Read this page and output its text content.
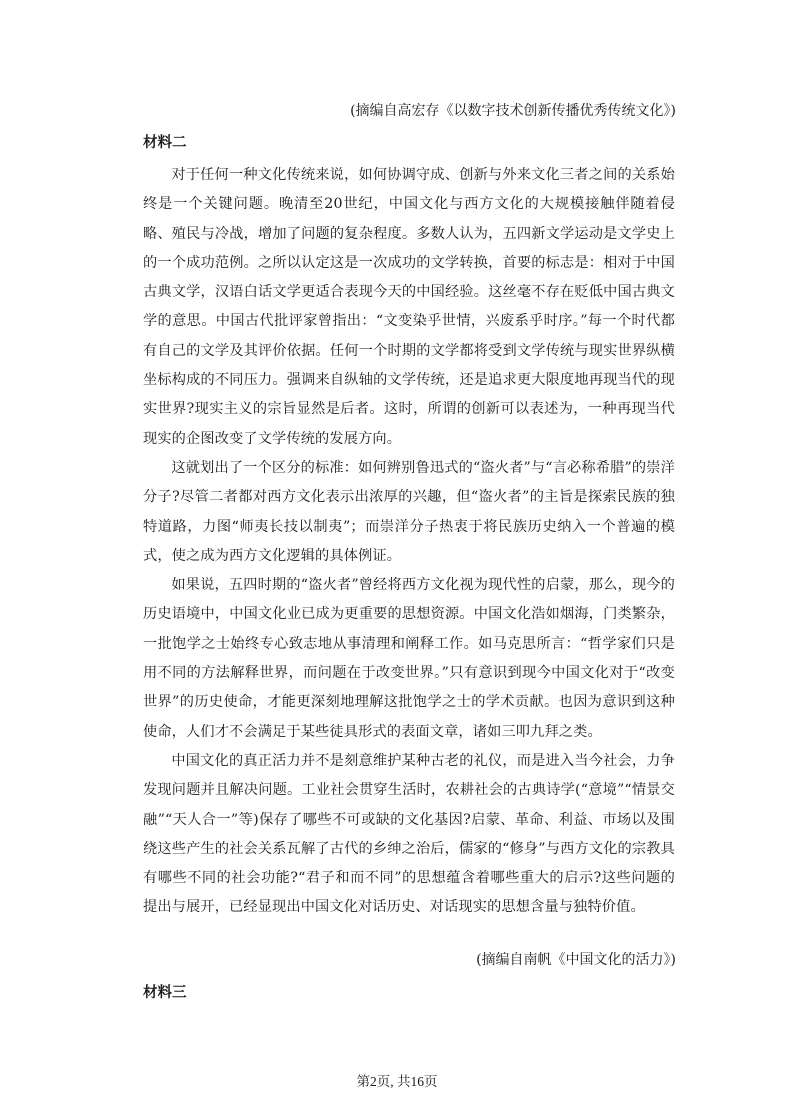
(摘编自高宏存《以数字技术创新传播优秀传统文化》)
材料二

对于任何一种文化传统来说，如何协调守成、创新与外来文化三者之间的关系始终是一个关键问题。晚清至20世纪，中国文化与西方文化的大规模接触伴随着侵略、殖民与冷战，增加了问题的复杂程度。多数人认为，五四新文学运动是文学史上的一个成功范例。之所以认定这是一次成功的文学转换，首要的标志是：相对于中国古典文学，汉语白话文学更适合表现今天的中国经验。这丝毫不存在贬低中国古典文学的意思。中国古代批评家曾指出：“文变染乎世情，兴废系乎时序。”每一个时代都有自己的文学及其评价依据。任何一个时期的文学都将受到文学传统与现实世界纵横坐标构成的不同压力。强调来自纵轴的文学传统，还是追求更大限度地再现当代的现实世界?现实主义的宗旨显然是后者。这时，所谓的创新可以表述为，一种再现当代现实的企图改变了文学传统的发展方向。

这就划出了一个区分的标准：如何辨别鲁迅式的“盗火者”与“言必称希腊”的崇洋分子?尽管二者都对西方文化表示出浓厚的兴趣，但“盗火者”的主旨是探索民族的独特道路，力图“师夷长技以制夷”；而崇洋分子热衷于将民族历史纳入一个普遍的模式，使之成为西方文化逻辑的具体例证。

如果说，五四时期的“盗火者”曾经将西方文化视为现代性的启蒙，那么，现今的历史语境中，中国文化业已成为更重要的思想资源。中国文化浩如烟海，门类繁杂，一批饱学之士始终专心致志地从事清理和阐释工作。如马克思所言：“哲学家们只是用不同的方法解释世界，而问题在于改变世界。”只有意识到现今中国文化对于“改变世界”的历史使命，才能更深刻地理解这批饱学之士的学术贡献。也因为意识到这种使命，人们才不会满足于某些徒具形式的表面文章，诸如三叩九拜之类。

中国文化的真正活力并不是刻意维护某种古老的礼仪，而是进入当今社会，力争发现问题并且解决问题。工业社会贯穿生活时，农耕社会的古典诗学(“意境”“情景交融”“天人合一”等)保存了哪些不可或缺的文化基因?启蒙、革命、利益、市场以及围绕这些产生的社会关系瓦解了古代的乡绅之治后，儒家的“修身”与西方文化的宗教具有哪些不同的社会功能?“君子和而不同”的思想蕴含着哪些重大的启示?这些问题的提出与展开，已经显现出中国文化对话历史、对话现实的思想含量与独特价值。

(摘编自南帆《中国文化的活力》)
材料三
第2页, 共16页
